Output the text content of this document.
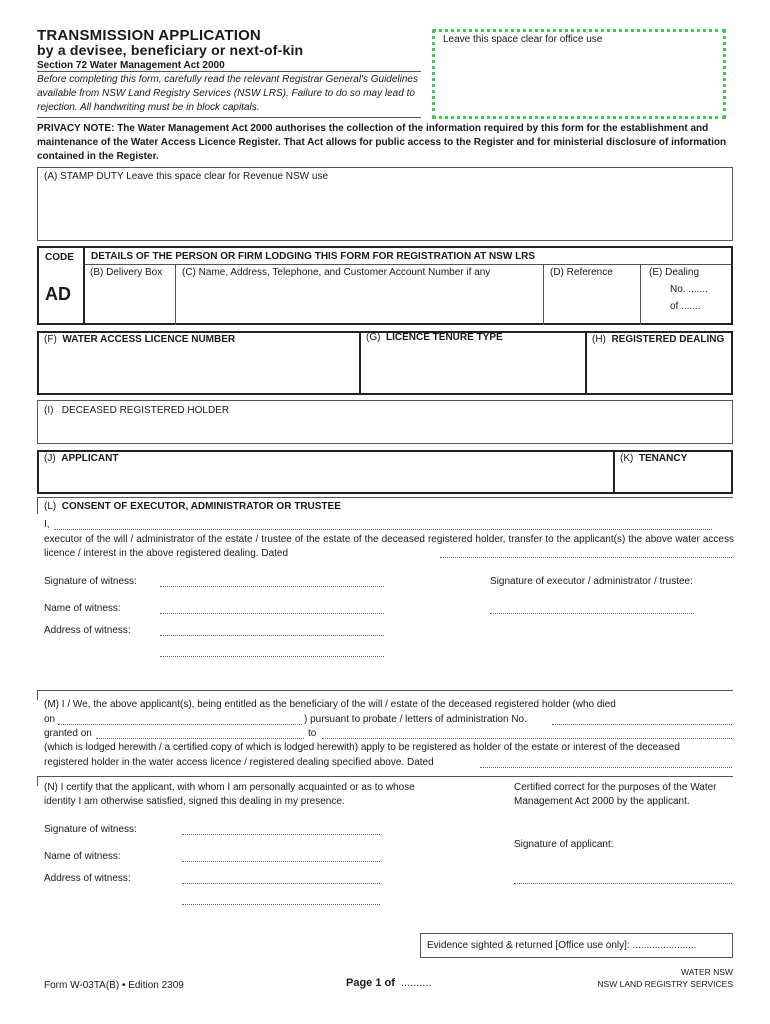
TRANSMISSION APPLICATION
by a devisee, beneficiary or next-of-kin
Section 72 Water Management Act 2000
Before completing this form, carefully read the relevant Registrar General's Guidelines available from NSW Land Registry Services (NSW LRS). Failure to do so may lead to rejection. All handwriting must be in block capitals.
Leave this space clear for office use
PRIVACY NOTE: The Water Management Act 2000 authorises the collection of the information required by this form for the establishment and maintenance of the Water Access Licence Register. That Act allows for public access to the Register and for ministerial disclosure of information contained in the Register.
(A) STAMP DUTY Leave this space clear for Revenue NSW use
CODE
AD
DETAILS OF THE PERSON OR FIRM LODGING THIS FORM FOR REGISTRATION AT NSW LRS
(B) Delivery Box (C) Name, Address, Telephone, and Customer Account Number if any	(D) Reference	(E) Dealing
No. .......
of .......
(F) WATER ACCESS LICENCE NUMBER	(G) LICENCE TENURE TYPE	(H) REGISTERED DEALING
(I) DECEASED REGISTERED HOLDER
(J) APPLICANT	(K) TENANCY
(L) CONSENT OF EXECUTOR, ADMINISTRATOR OR TRUSTEE
I,
executor of the will / administrator of the estate / trustee of the estate of the deceased registered holder, transfer to the applicant(s) the above water access licence / interest in the above registered dealing. Dated
Signature of witness:	Signature of executor / administrator / trustee:
Name of witness:
Address of witness:
(M) I / We, the above applicant(s), being entitled as the beneficiary of the will / estate of the deceased registered holder (who died
on	) pursuant to probate / letters of administration No.
granted on	to
(which is lodged herewith / a certified copy of which is lodged herewith) apply to be registered as holder of the estate or interest of the deceased
registered holder in the water access licence / registered dealing specified above. Dated
(N) I certify that the applicant, with whom I am personally acquainted or as to whose identity I am otherwise satisfied, signed this dealing in my presence.
Certified correct for the purposes of the Water Management Act 2000 by the applicant.
Signature of witness:
Signature of applicant:
Name of witness:
Address of witness:
Evidence sighted & returned [Office use only]: .......................
Form W-03TA(B) • Edition 2309	Page 1 of ..........
WATER NSW
NSW LAND REGISTRY SERVICES
